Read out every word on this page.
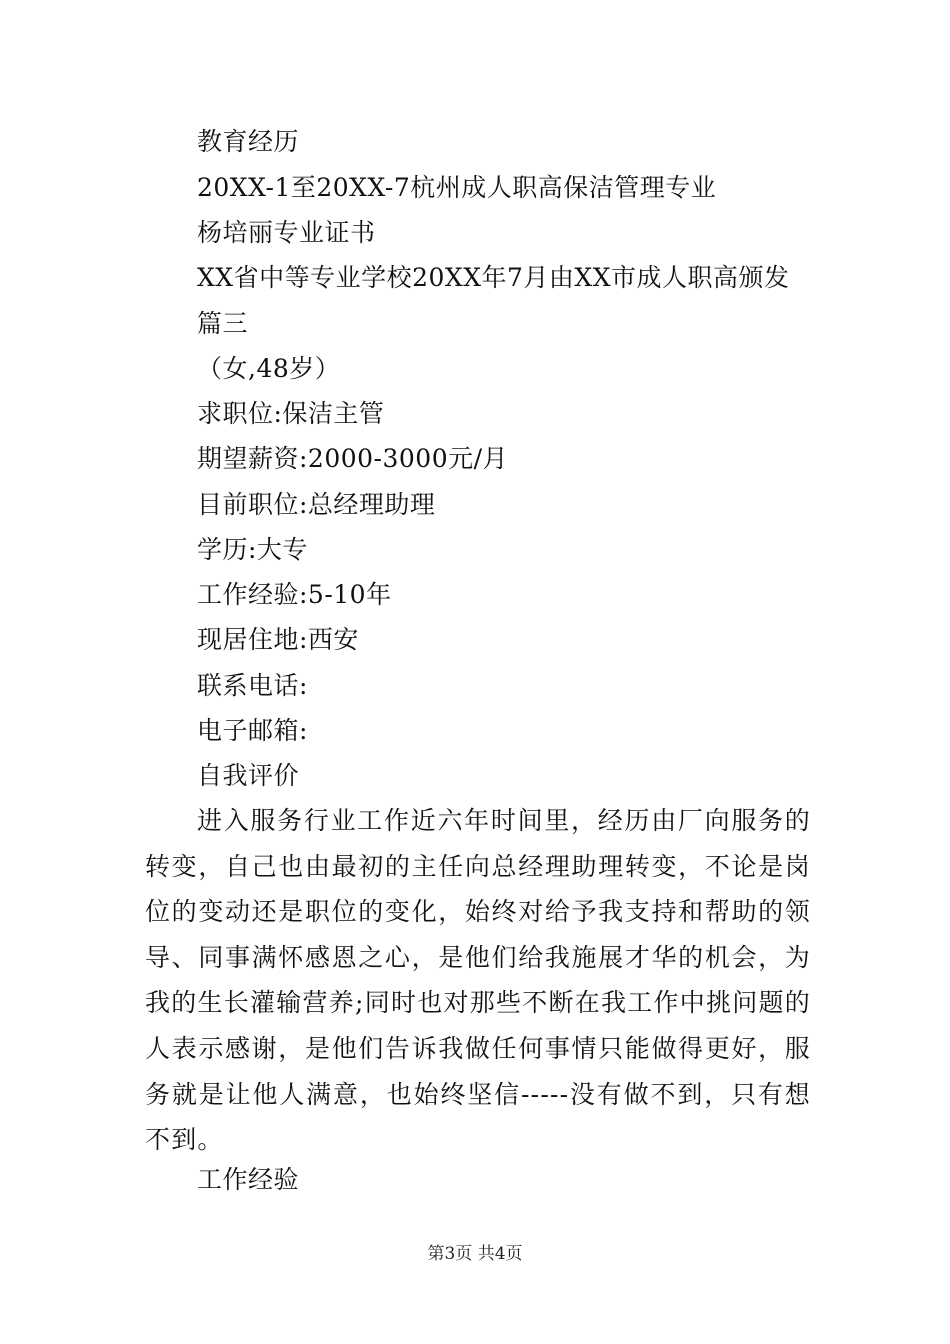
教育经历
20XX-1至20XX-7杭州成人职高保洁管理专业
杨培丽专业证书
XX省中等专业学校20XX年7月由XX市成人职高颁发
篇三
（女,48岁）
求职位:保洁主管
期望薪资:2000-3000元/月
目前职位:总经理助理
学历:大专
工作经验:5-10年
现居住地:西安
联系电话:
电子邮箱:
自我评价
进入服务行业工作近六年时间里，经历由厂向服务的转变，自己也由最初的主任向总经理助理转变，不论是岗位的变动还是职位的变化，始终对给予我支持和帮助的领导、同事满怀感恩之心，是他们给我施展才华的机会，为我的生长灌输营养;同时也对那些不断在我工作中挑问题的人表示感谢，是他们告诉我做任何事情只能做得更好，服务就是让他人满意，也始终坚信-----没有做不到，只有想不到。
工作经验
第3页 共4页
